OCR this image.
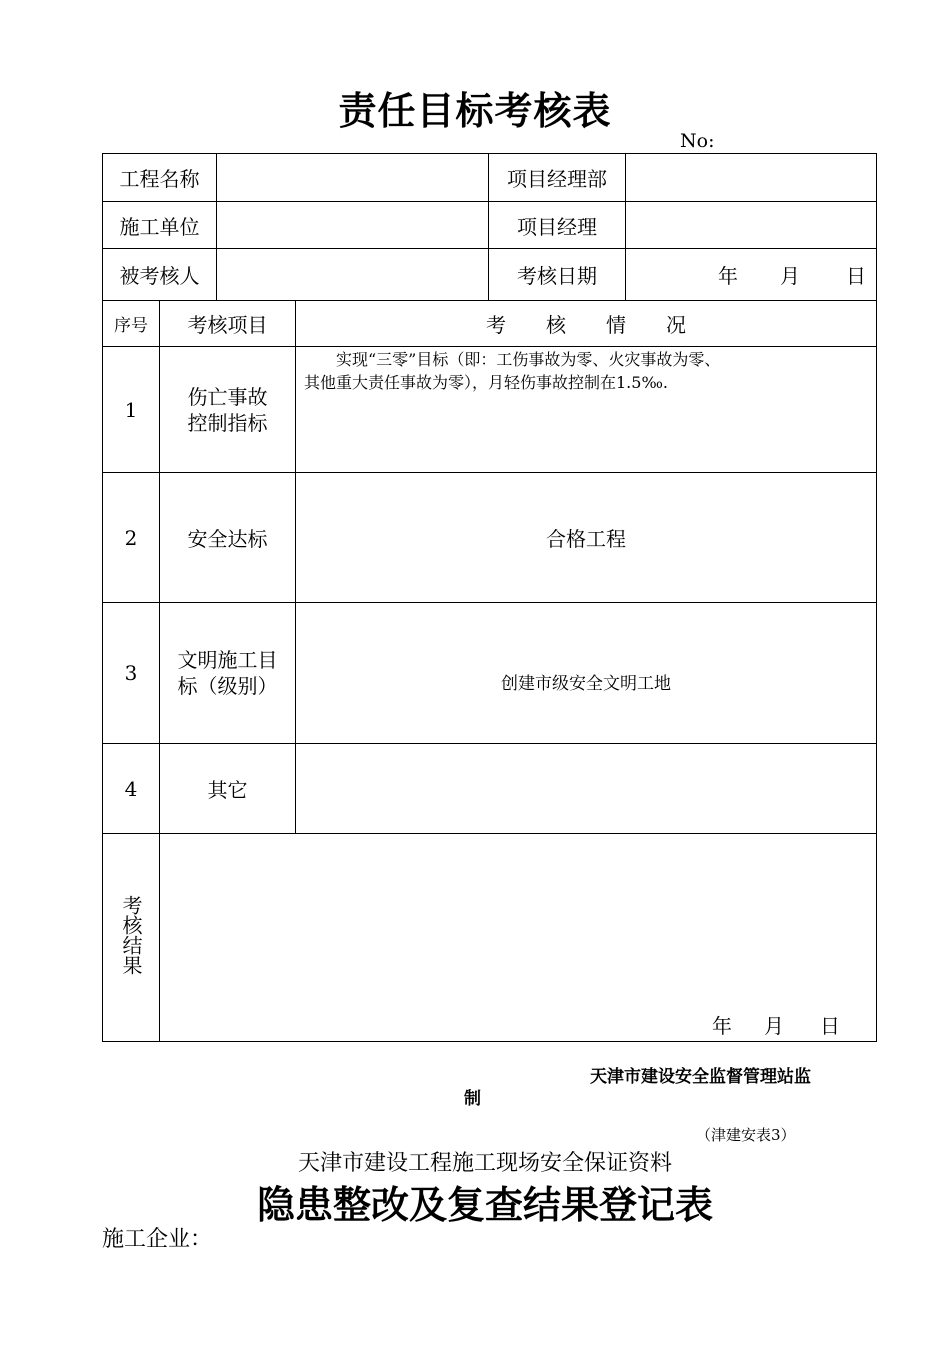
责任目标考核表
No:
工程名称				项目经理部	
施工单位				项目经理	
被考核人				考核日期	年 月 日
序号	考核项目		考　　核　　情　　况		
1	伤亡事故控制指标		实现“三零”目标（即：工伤事故为零、火灾事故为零、
其他重大责任事故为零），月轻伤事故控制在1.5‰.		

2	安全达标		合格工程		
3	文明施工目标（级别）		创建市级安全文明工地		
4	其它				
考核结果	年 月 日				
天津市建设安全监督管理站监
制
（津建安表3）
天津市建设工程施工现场安全保证资料
隐患整改及复查结果登记表
施工企业：
